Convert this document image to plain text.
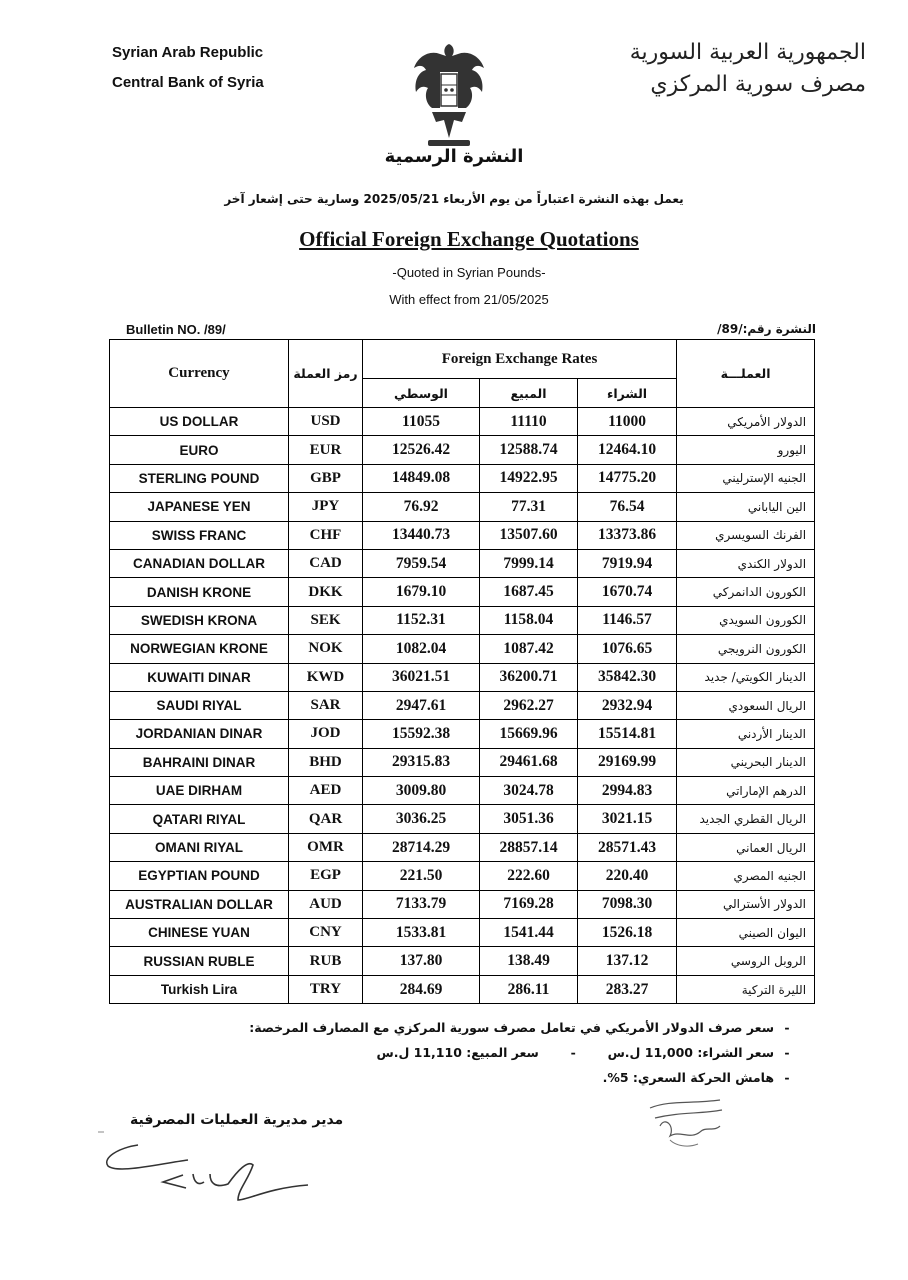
Syrian Arab Republic
Central Bank of Syria
الجمهورية العربية السورية
مصرف سورية المركزي
النشرة الرسمية
يعمل بهذه النشرة اعتباراً من يوم الأربعاء 2025/05/21 وسارية حتى إشعار آخر
Official Foreign Exchange Quotations
-Quoted in Syrian Pounds-
With effect from 21/05/2025
Bulletin NO. /89/	النشرة رقم:/89/
Currency	رمز العملة	Foreign Exchange Rates			العملـــة
		الوسطي	المبيع	الشراء	
US DOLLAR	USD	11055	11110	11000	الدولار الأمريكي
EURO	EUR	12526.42	12588.74	12464.10	اليورو
STERLING POUND	GBP	14849.08	14922.95	14775.20	الجنيه الإسترليني
JAPANESE YEN	JPY	76.92	77.31	76.54	الين الياباني
SWISS FRANC	CHF	13440.73	13507.60	13373.86	الفرنك السويسري
CANADIAN DOLLAR	CAD	7959.54	7999.14	7919.94	الدولار الكندي
DANISH KRONE	DKK	1679.10	1687.45	1670.74	الكورون الدانمركي
SWEDISH KRONA	SEK	1152.31	1158.04	1146.57	الكورون السويدي
NORWEGIAN KRONE	NOK	1082.04	1087.42	1076.65	الكورون النرويجي
KUWAITI DINAR	KWD	36021.51	36200.71	35842.30	الدينار الكويتي/ جديد
SAUDI RIYAL	SAR	2947.61	2962.27	2932.94	الريال السعودي
JORDANIAN DINAR	JOD	15592.38	15669.96	15514.81	الدينار الأردني
BAHRAINI DINAR	BHD	29315.83	29461.68	29169.99	الدينار البحريني
UAE DIRHAM	AED	3009.80	3024.78	2994.83	الدرهم الإماراتي
QATARI RIYAL	QAR	3036.25	3051.36	3021.15	الريال القطري الجديد
OMANI RIYAL	OMR	28714.29	28857.14	28571.43	الريال العماني
EGYPTIAN POUND	EGP	221.50	222.60	220.40	الجنيه المصري
AUSTRALIAN DOLLAR	AUD	7133.79	7169.28	7098.30	الدولار الأسترالي
CHINESE YUAN	CNY	1533.81	1541.44	1526.18	اليوان الصيني
RUSSIAN RUBLE	RUB	137.80	138.49	137.12	الروبل الروسي
Turkish Lira	TRY	284.69	286.11	283.27	الليرة التركية
-سعر صرف الدولار الأمريكي في تعامل مصرف سورية المركزي مع المصارف المرخصة:
-سعر الشراء: 11,000 ل.س - سعر المبيع: 11,110 ل.س
-هامش الحركة السعري: 5%.
مدير مديرية العمليات المصرفية
